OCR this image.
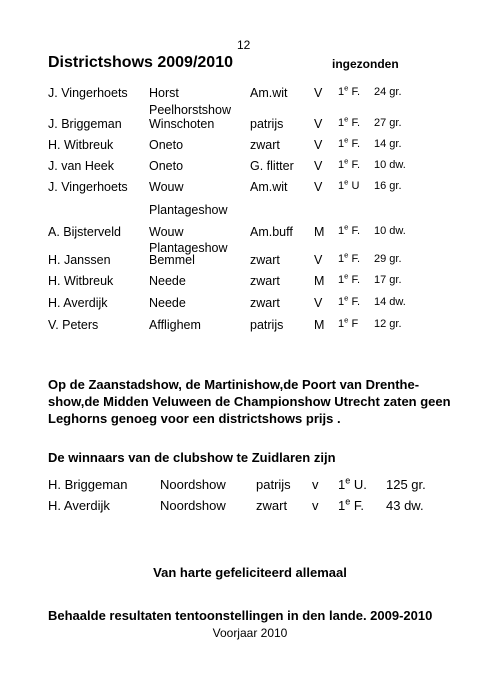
12
Districtshows 2009/2010	ingezonden
J. Vingerhoets Horst	Am.wit V 1e F. 24 gr.
Peelhorstshow
J. Briggeman Winschoten	patrijs V 1e F. 27 gr.
H. Witbreuk	Oneto	zwart	V 1e F. 14 gr.
J. van Heek	Oneto	G. flitter V 1e F. 10 dw.
J. Vingerhoets Wouw	Am.wit V 1e U 16 gr.
Plantageshow
A. Bijsterveld Wouw	Am.buff M 1e F. 10 dw.
Plantageshow
H. Janssen	Bemmel	zwart	V 1e F. 29 gr.
H. Witbreuk	Neede	zwart	M 1e F. 17 gr.
H. Averdijk	Neede	zwart	V 1e F. 14 dw.
V. Peters	Afflighem	patrijs M 1e F 12 gr.
Op de Zaanstadshow, de Martinishow,de Poort van Drenthe-show,de Midden Veluween de Championshow Utrecht zaten geen Leghorns genoeg voor een districtshows prijs .
De winnaars van de clubshow te Zuidlaren zijn
H. Briggeman	Noordshow patrijs v 1e U. 125 gr.
H. Averdijk	Noordshow zwart v 1e F. 43 dw.
Van harte gefeliciteerd allemaal
Behaalde resultaten tentoonstellingen in den lande. 2009-2010
Voorjaar 2010
